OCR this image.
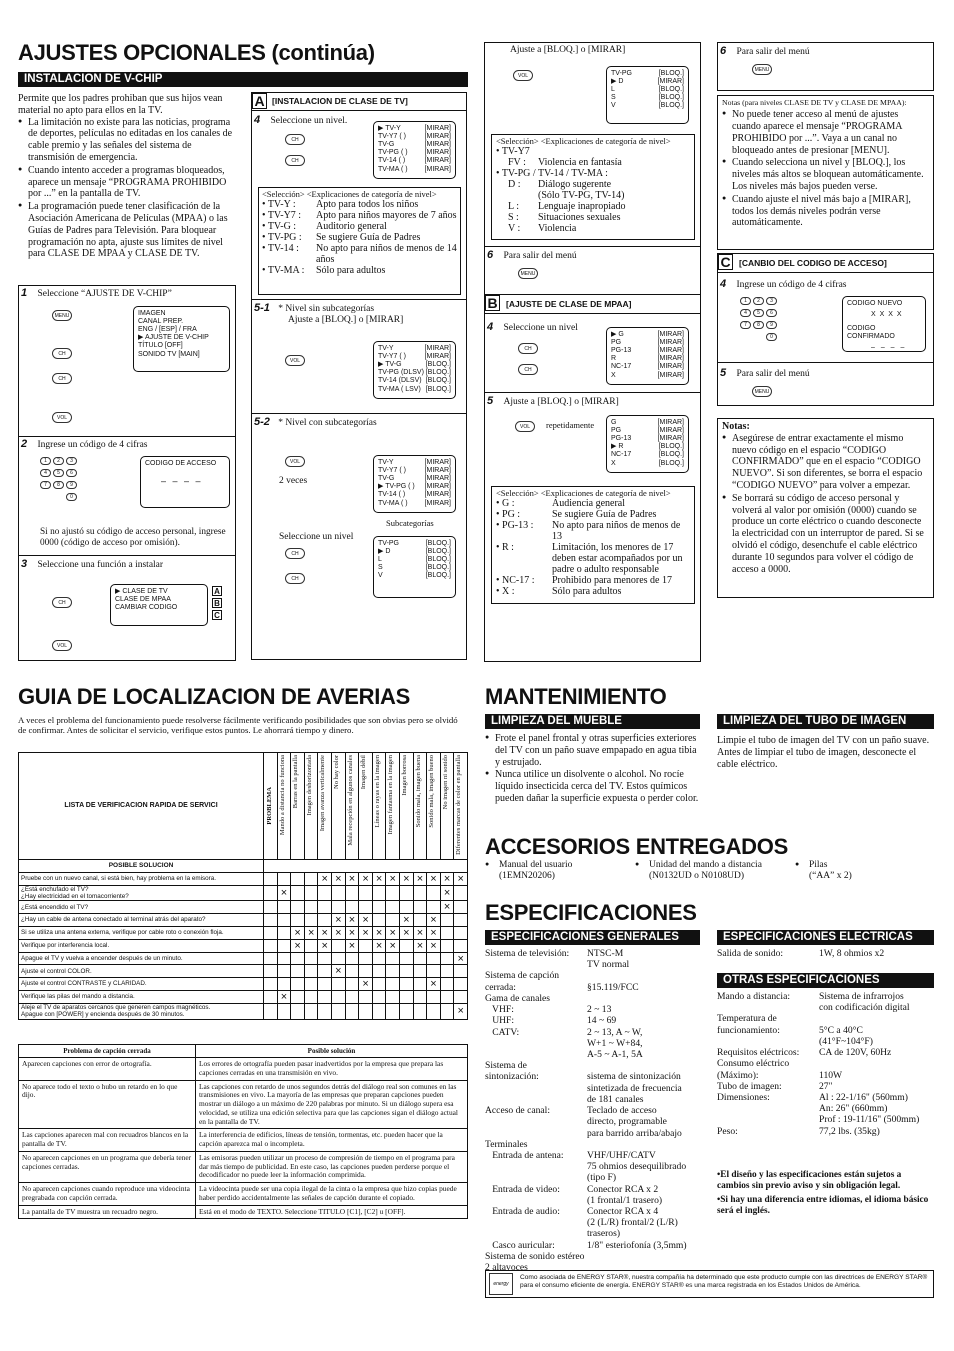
AJUSTES OPCIONALES (continúa)
INSTALACION DE V-CHIP
Permite que los padres prohiban que sus hijos vean material no apto para ellos en la TV.
● La limitación no existe para las noticias, programa de deportes, películas no editadas en los canales de cable premio y las señales del sistema de transmisión de emergencia.
● Cuando intento acceder a programas bloqueados, aparece un mensaje “PROGRAMA PROHIBIDO por ...” en la pantalla de TV.
● La programación puede tener clasificación de la Asociación Americana de Películas (MPAA) o las Guías de Padres para Televisión. Para bloquear programación no apta, ajuste sus límites de nivel para CLASE DE MPAA y CLASE DE TV.
1 Seleccione “AJUSTE DE V-CHIP”
MENU
CH
CH
VOL
IMAGEN
CANAL PREP.
ENG / [ESP] / FRA
▶ AJUSTE DE V-CHIP
TÍTULO [OFF]
SONIDO TV [MAIN]
2 Ingrese un código de 4 cifras
1 2 3
4 5 6
7 8 9
0
CODIGO DE ACCESO
– – – –
Si no ajustó su código de acceso personal, ingrese 0000 (código de acceso por omisión).
3 Seleccione una función a instalar
CH
VOL
▶ CLASE DE TV
CLASE DE MPAA
CAMBIAR CODIGO
A
B
C
A [INSTALACION DE CLASE DE TV]
4 Seleccione un nivel.
CH
CH
▶ TV-Y	[MIRAR]
TV-Y7 ( )	[MIRAR]
TV-G	[MIRAR]
TV-PG ( )	[MIRAR]
TV-14 ( )	[MIRAR]
TV-MA ( )	[MIRAR]
<Selección> <Explicaciones de categoría de nivel>
• TV-Y :	Apto para todos los niños
• TV-Y7 :	Apto para niños mayores de 7 años
• TV-G :	Auditorio general
• TV-PG :	Se sugiere Guía de Padres
• TV-14 :	No apto para niños de menos de 14 años
• TV-MA :	Sólo para adultos
5-1 * Nivel sin subcategorías
Ajuste a [BLOQ.] o [MIRAR]
VOL
TV-Y	[MIRAR]
TV-Y7 ( )	[MIRAR]
▶ TV-G	[BLOQ.]
TV-PG (DLSV) [BLOQ.]
TV-14 (DLSV) [BLOQ.]
TV-MA ( LSV) [BLOQ.]
5-2 * Nivel con subcategorías
VOL
2 veces
TV-Y	[MIRAR]
TV-Y7 ( )	[MIRAR]
TV-G	[MIRAR]
▶ TV-PG ( )	[MIRAR]
TV-14 ( )	[MIRAR]
TV-MA ( )	[MIRAR]
Subcategorías
Seleccione un nivel
CH
CH
TV-PG	[BLOQ.]
▶ D	[BLOQ.]
L	[BLOQ.]
S	[BLOQ.]
V	[BLOQ.]
Ajuste a [BLOQ.] o [MIRAR]
VOL	TV-PG	[BLOQ.]
▶ D	[MIRAR]
L	[BLOQ.]
S	[BLOQ.]
V	[BLOQ.]
<Selección> <Explicaciones de categoría de nivel>
• TV-Y7
FV :	Violencia en fantasía
• TV-PG / TV-14 / TV-MA :
D :	Diálogo sugerente
(Sólo TV-PG, TV-14)
L :	Lenguaje inapropiado
S :	Situaciones sexuales
V :	Violencia
6 Para salir del menú
MENU
B [AJUSTE DE CLASE DE MPAA]
4 Seleccione un nivel
CH
CH
▶ G	[MIRAR]
PG	[MIRAR]
PG-13	[MIRAR]
R	[MIRAR]
NC-17	[MIRAR]
X	[MIRAR]
5 Ajuste a [BLOQ.] o [MIRAR]
VOL	repetidamente G	[MIRAR]
PG	[MIRAR]
PG-13	[MIRAR]
▶ R	[BLOQ.]
NC-17	[BLOQ.]
X	[BLOQ.]
<Selección> <Explicaciones de categoría de nivel>
• G :	Audiencia general
• PG :	Se sugiere Guía de Padres
• PG-13 :	No apto para niños de menos de 13
• R :	Limitación, los menores de 17 deben estar acompañados por un padre o adulto responsable
• NC-17 :	Prohibido para menores de 17
• X :	Sólo para adultos
6 Para salir del menú
MENU
Notas (para niveles CLASE DE TV y CLASE DE MPAA):
● No puede tener acceso al menú de ajustes cuando aparece el mensaje “PROGRAMA PROHIBIDO por ...”. Vaya a un canal no bloqueado antes de presionar [MENU].
● Cuando selecciona un nivel y [BLOQ.], los niveles más altos se bloquean automáticamente. Los niveles más bajos pueden verse.
● Cuando ajuste el nivel más bajo a [MIRAR], todos los demás niveles podrán verse automáticamente.
C [CANBIO DEL CODIGO DE ACCESO]
4 Ingrese un código de 4 cifras
1 2 3
4 5 6
7 8 9
0
CODIGO NUEVO
X X X X
CODIGO CONFIRMADO
– – – –
5 Para salir del menú
MENU
Notas:
● Asegúrese de entrar exactamente el mismo nuevo código en el espacio “CODIGO CONFIRMADO” que en el espacio “CODIGO NUEVO”. Si son diferentes, se borra el espacio “CODIGO NUEVO” para volver a empezar.
● Se borrará su código de acceso personal y volverá al valor por omisión (0000) cuando se produce un corte eléctrico o cuando desconecte la electricidad con un interruptor de pared. Si se olvidó el código, desenchufe el cable eléctrico durante 10 segundos para volver el código de acceso a 0000.
GUIA DE LOCALIZACION DE AVERIAS
A veces el problema del funcionamiento puede resolverse fácilmente verificando posibilidades que son obvias pero se olvidó de confirmar. Antes de solicitar el servicio, verifique estos puntos. Le ahorrará tiempo y dinero.
LISTA DE VERIFICACION RAPIDA DE SERVICI	PROBLEMA	Mando a distancia no funciona	Barras en la pantalla	Imagen deshorizontada	Imagen avanza verticalmente	No hay color	Mala recepción en algunos canales	Imagen débil	Líneas o rayas en la imagen	Imagen fantasma en la imagen	Imagen borrosa	Sonido mala, imagen buena	Sonido mala, imagen bueno	No imagen ni sonido	Diferentes marcas de color en pantalla

POSIBLE SOLUCION															

Pruebe con un nuevo canal, si está bien, hay problema en la emisora.					×	×	×	×	×	×	×	×	×	×	×

¿Está enchufado el TV?
¿Hay electricidad en el tomacorriente?		×												×	

¿Está encendido el TV?														×	

¿Hay un cable de antena conectado al terminal atrás del aparato?						×	×	×			×		×		

Si se utiliza una antena externa, verifique por cable roto o conexión floja.			×	×	×	×	×	×	×	×	×	×	×		

Verifique por interferencia local.			×		×		×		×	×		×	×		

Apague el TV y vuelva a encender después de un minuto.															×

Ajuste el control COLOR.						×									

Ajuste el control CONTRASTE y CLARIDAD.								×					×		

Verifique las pilas del mando a distancia.		×													

Aleje el TV de aparatos cercanos que generen campos magnéticos.
Apague con [POWER] y encienda después de 30 minutos.															×
Problema de capción cerrada	Posible solución
Aparecen capciones con error de ortografía.	Los errores de ortografía pueden pasar inadvertidos por la empresa que prepara las capciones cerradas en una transmisión en vivo.
No aparece todo el texto o hubo un retardo en lo que dijo.	Las capciones con retardo de unos segundos detrás del diálogo real son comunes en las transmisiones en vivo. La mayoría de las empresas que preparan capciones pueden mostrar un diálogo a un máximo de 220 palabras por minuto. Si un diálogo supera esa velocidad, se utiliza una edición selectiva para que las capciones sigan el diálogo actual en la pantalla de TV.
Las capciones aparecen mal con recuadros blancos en la pantalla de TV.	La interferencia de edificios, líneas de tensión, tormentas, etc. pueden hacer que la capción aparezca mal o incompleta.
No aparecen capciones en un programa que debería tener capciones cerradas.	Las emisoras pueden utilizar un proceso de compresión de tiempo en el programa para dar más tiempo de publicidad. En este caso, las capciones pueden perderse porque el decodificador no puede leer la información comprimida.
No aparecen capciones cuando reproduce una videocinta pregrabada con capción cerrada.	La videocinta puede ser una copia ilegal de la cinta o la empresa que hizo copias puede haber perdido accidentalmente las señales de capción durante el copiado.
La pantalla de TV muestra un recuadro negro.	Está en el modo de TEXTO. Seleccione TITULO [C1], [C2] u [OFF].
MANTENIMIENTO
LIMPIEZA DEL MUEBLE
● Frote el panel frontal y otras superficies exteriores del TV con un paño suave empapado en agua tibia y estrujado.
● Nunca utilice un disolvente o alcohol. No rocíe líquido insecticida cerca del TV. Estos químicos pueden dañar la superficie expuesta o perder color.
LIMPIEZA DEL TUBO DE IMAGEN
Limpie el tubo de imagen del TV con un paño suave. Antes de limpiar el tubo de imagen, desconecte el cable eléctrico.
ACCESORIOS ENTREGADOS
● Manual del usuario
(1EMN20206)
● Unidad del mando a distancia
(N0132UD o N0108UD)
● Pilas
(“AA” x 2)
ESPECIFICACIONES
ESPECIFICACIONES GENERALES
Sistema de televisión:	NTSC-M
TV normal
Sistema de capción
cerrada:	§15.119/FCC
Gama de canales
VHF:	2 ~ 13
UHF:	14 ~ 69
CATV:	2 ~ 13, A ~ W,
W+1 ~ W+84,
A-5 ~ A-1, 5A
Sistema de
sintonización:	sistema de sintonización
sintetizada de frecuencia
de 181 canales
Acceso de canal:	Teclado de acceso
directo, programable
para barrido arriba/abajo
Terminales
Entrada de antena:	VHF/UHF/CATV
75 ohmios desequilibrado
(tipo F)
Entrada de video:	Conector RCA x 2
(1 frontal/1 trasero)
Entrada de audio:	Conector RCA x 4
(2 (L/R) frontal/2 (L/R) traseros)
Casco auricular:	1/8" esteriofonía (3,5mm)
Sistema de sonido estéreo
2 altavoces
ESPECIFICACIONES ELECTRICAS
Salida de sonido:	1W, 8 ohmios x2
OTRAS ESPECIFICACIONES
Mando a distancia:	Sistema de infrarrojos
con codificación digital
Temperatura de
funcionamiento:	5°C a 40°C
(41°F~104°F)
Requisitos eléctricos:	CA de 120V, 60Hz
Consumo eléctrico
(Máximo):	110W
Tubo de imagen:	27"
Dimensiones:	Al : 22-1/16" (560mm)
An: 26" (660mm)
Prof : 19-11/16" (500mm)
Peso:	77,2 lbs. (35kg)
•El diseño y las especificaciones están sujetos a cambios sin previo aviso y sin obligación legal.
•Si hay una diferencia entre idiomas, el idioma básico será el inglés.
energy
Como asociada de ENERGY STAR®, nuestra compañía ha determinado que este producto cumple con las directrices de ENERGY STAR® para el consumo eficiente de energía. ENERGY STAR® es una marca registrada en los Estados Unidos de América.
